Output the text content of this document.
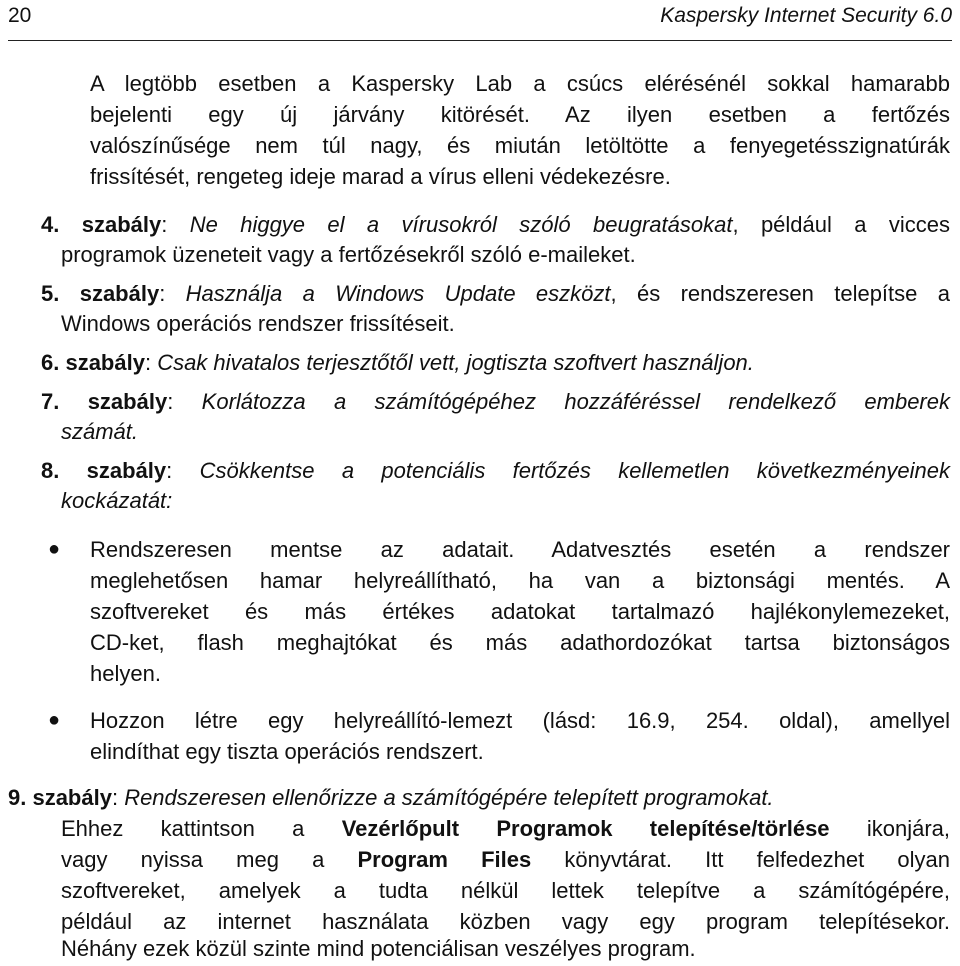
20	Kaspersky Internet Security 6.0
A legtöbb esetben a Kaspersky Lab a csúcs elérésénél sokkal hamarabb
bejelenti egy új járvány kitörését. Az ilyen esetben a fertőzés
valószínűsége nem túl nagy, és miután letöltötte a fenyegetésszignatúrák
frissítését, rengeteg ideje marad a vírus elleni védekezésre.
4. szabály: Ne higgye el a vírusokról szóló beugratásokat, például a vicces
programok üzeneteit vagy a fertőzésekről szóló e-maileket.
5. szabály: Használja a Windows Update eszközt, és rendszeresen telepítse a
Windows operációs rendszer frissítéseit.
6. szabály: Csak hivatalos terjesztőtől vett, jogtiszta szoftvert használjon.
7. szabály: Korlátozza a számítógépéhez hozzáféréssel rendelkező emberek
számát.
8. szabály: Csökkentse a potenciális fertőzés kellemetlen következményeinek
kockázatát:
● Rendszeresen mentse az adatait. Adatvesztés esetén a rendszer
meglehetősen hamar helyreállítható, ha van a biztonsági mentés. A
szoftvereket és más értékes adatokat tartalmazó hajlékonylemezeket,
CD-ket, flash meghajtókat és más adathordozókat tartsa biztonságos
helyen.
● Hozzon létre egy helyreállító-lemezt (lásd: 16.9, 254. oldal), amellyel
elindíthat egy tiszta operációs rendszert.
9. szabály: Rendszeresen ellenőrizze a számítógépére telepített programokat.
Ehhez kattintson a Vezérlőpult Programok telepítése/törlése ikonjára,
vagy nyissa meg a Program Files könyvtárat. Itt felfedezhet olyan
szoftvereket, amelyek a tudta nélkül lettek telepítve a számítógépére,
például az internet használata közben vagy egy program telepítésekor.
Néhány ezek közül szinte mind potenciálisan veszélyes program.
